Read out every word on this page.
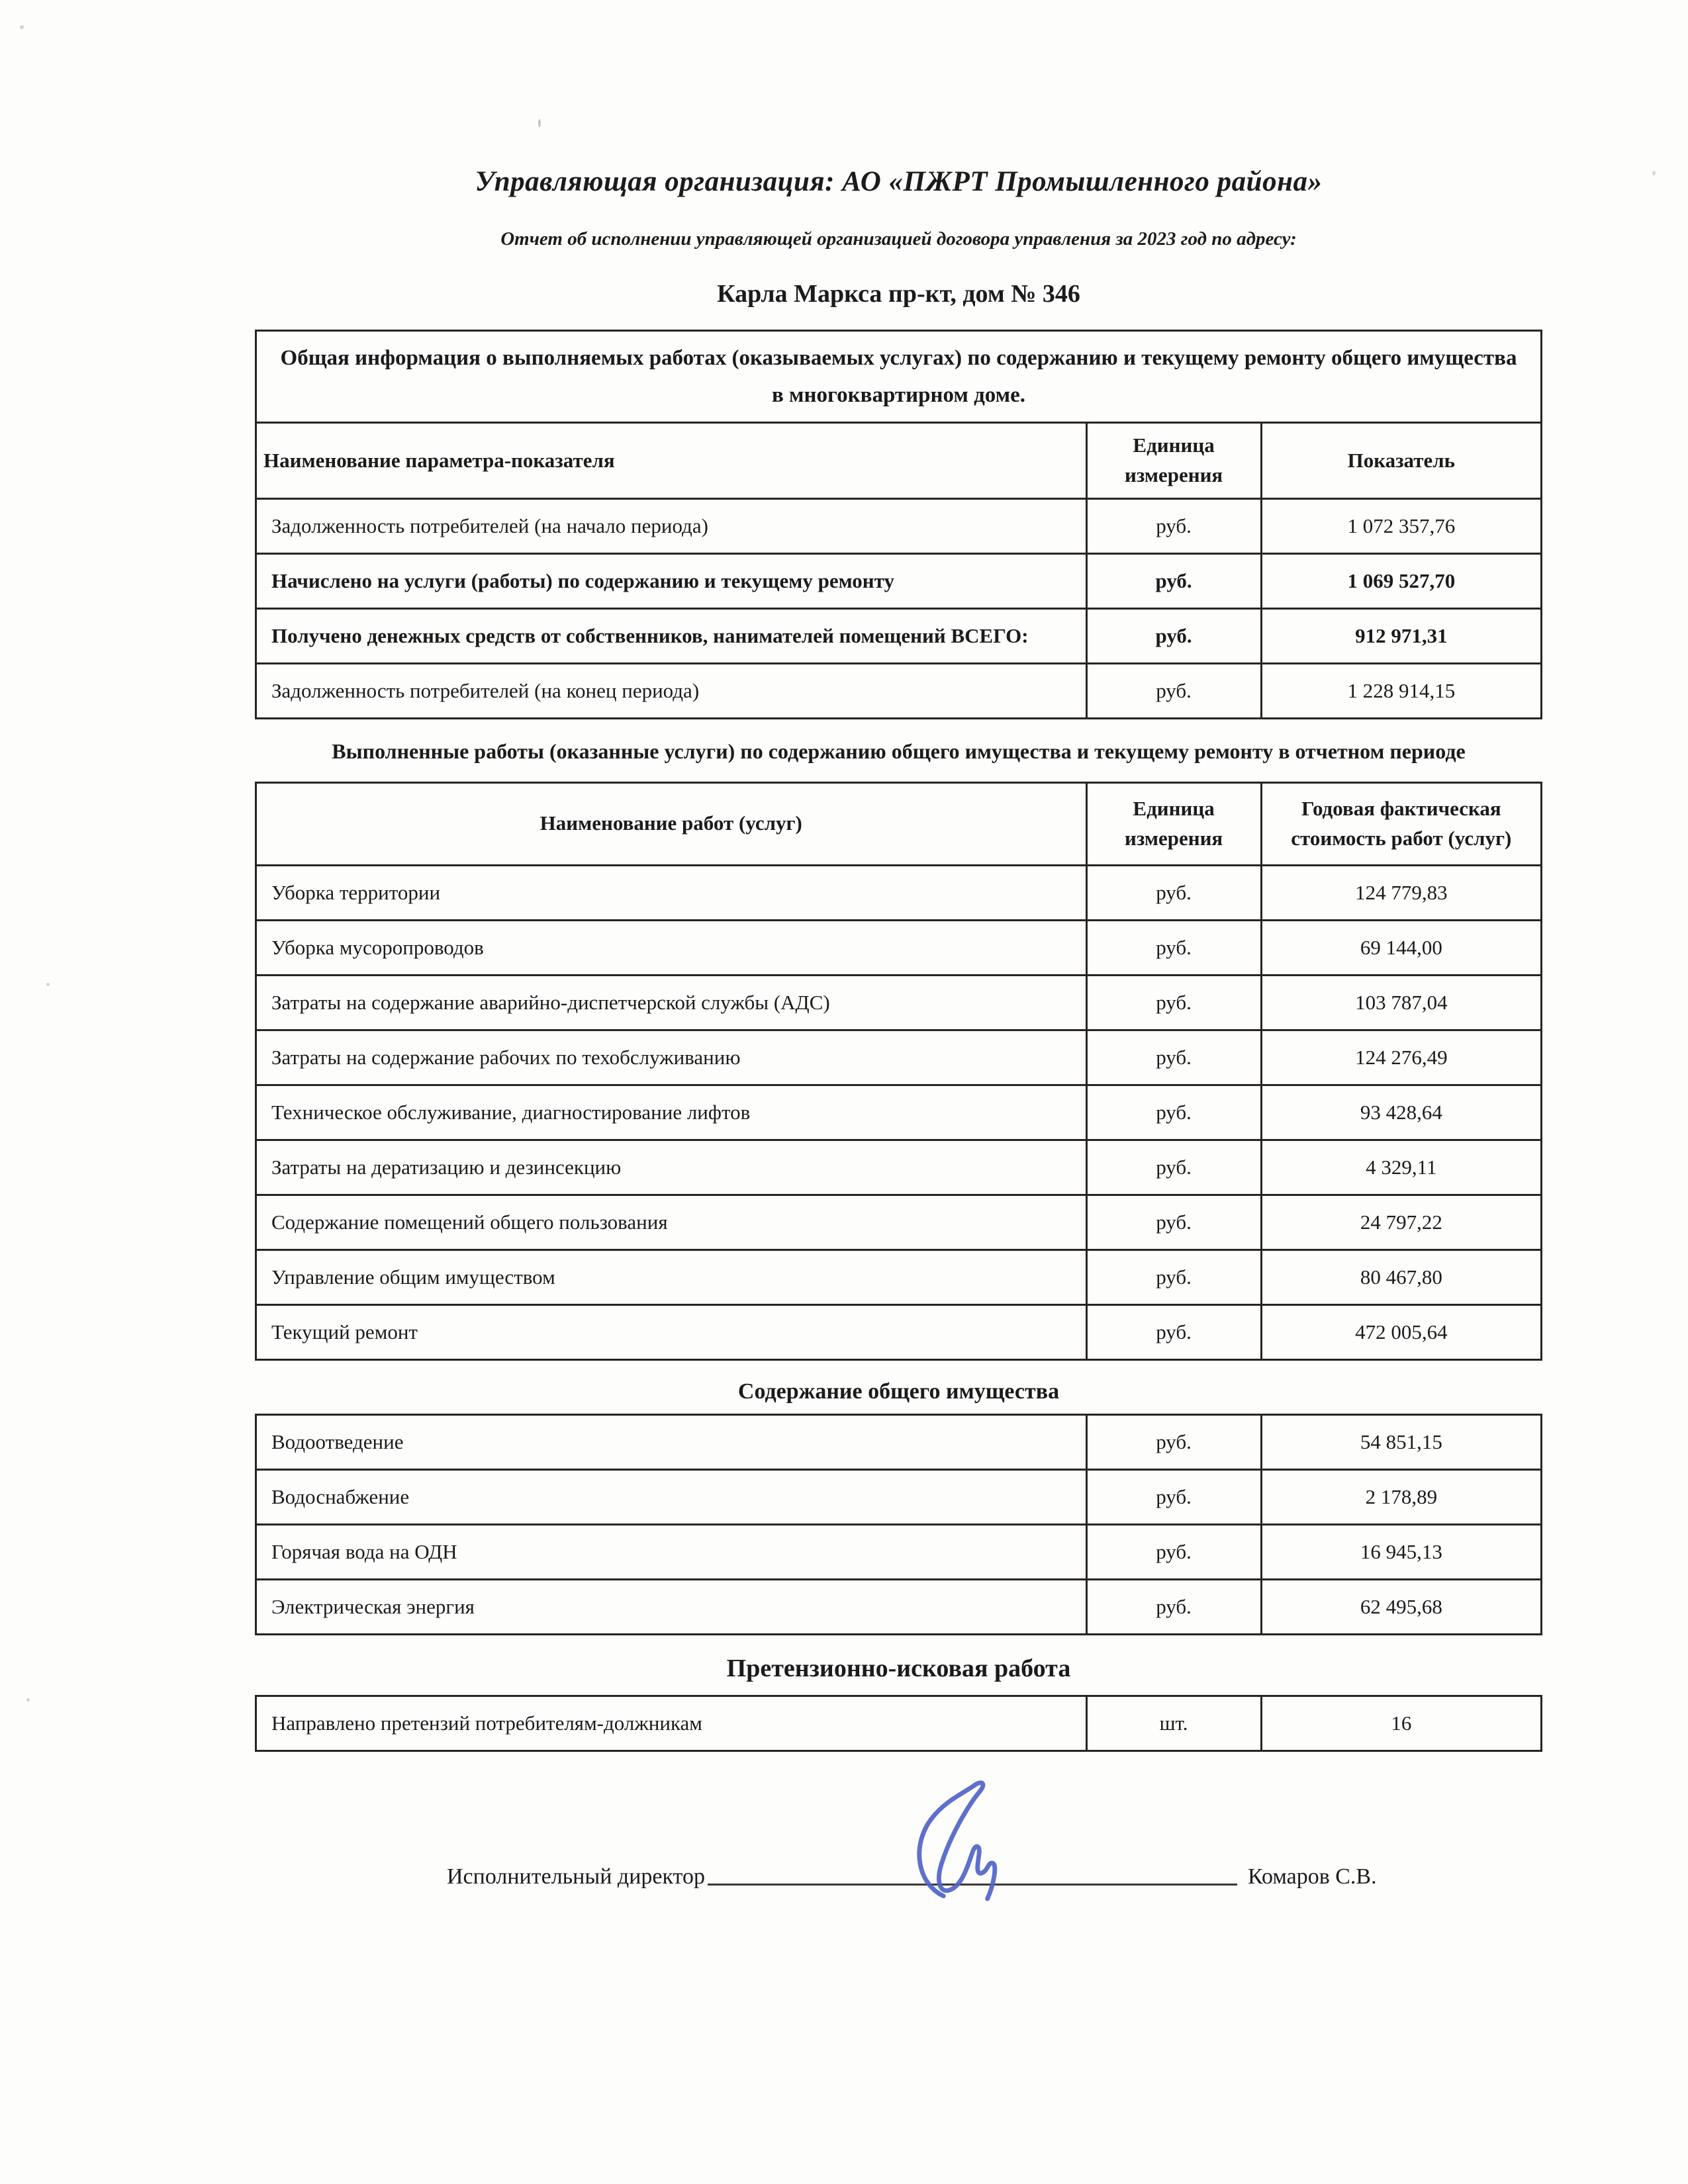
Управляющая организация: АО «ПЖРТ Промышленного района»
Отчет об исполнении управляющей организацией договора управления за 2023 год по адресу:
Карла Маркса пр-кт, дом № 346
Общая информация о выполняемых работах (оказываемых услугах) по содержанию и текущему ремонту общего имущества в многоквартирном доме.		
Наименование параметра-показателя	Единица измерения	Показатель
Задолженность потребителей (на начало периода)	руб.	1 072 357,76
Начислено на услуги (работы) по содержанию и текущему ремонту	руб.	1 069 527,70
Получено денежных средств от собственников, нанимателей помещений ВСЕГО:	руб.	912 971,31
Задолженность потребителей (на конец периода)	руб.	1 228 914,15
Выполненные работы (оказанные услуги) по содержанию общего имущества и текущему ремонту в отчетном периоде
Наименование работ (услуг)	Единица измерения	Годовая фактическая стоимость работ (услуг)
Уборка территории	руб.	124 779,83
Уборка мусоропроводов	руб.	69 144,00
Затраты на содержание аварийно-диспетчерской службы (АДС)	руб.	103 787,04
Затраты на содержание рабочих по техобслуживанию	руб.	124 276,49
Техническое обслуживание, диагностирование лифтов	руб.	93 428,64
Затраты на дератизацию и дезинсекцию	руб.	4 329,11
Содержание помещений общего пользования	руб.	24 797,22
Управление общим имуществом	руб.	80 467,80
Текущий ремонт	руб.	472 005,64
Содержание общего имущества
Водоотведение	руб.	54 851,15
Водоснабжение	руб.	2 178,89
Горячая вода на ОДН	руб.	16 945,13
Электрическая энергия	руб.	62 495,68
Претензионно-исковая работа
Направлено претензий потребителям-должникам	шт.	16
Исполнительный директор	Комаров С.В.
